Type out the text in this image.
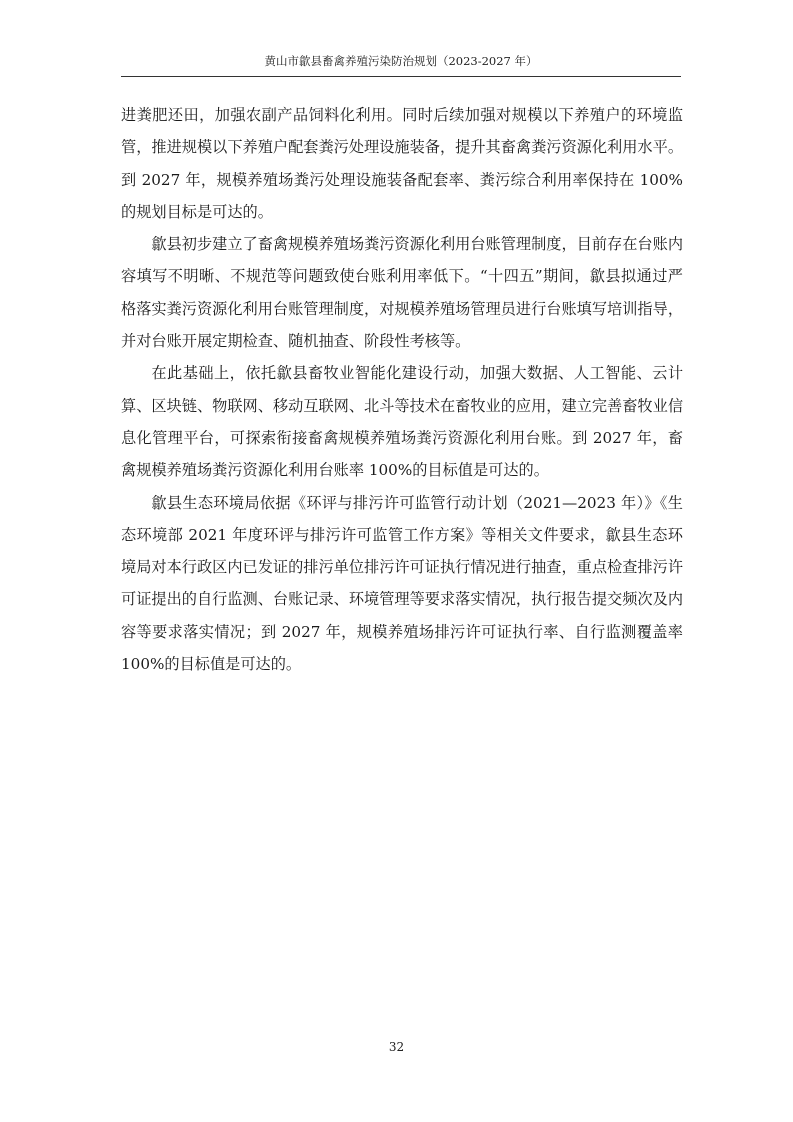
黄山市歙县畜禽养殖污染防治规划（2023-2027 年）

进粪肥还田，加强农副产品饲料化利用。同时后续加强对规模以下养殖户的环境监管，推进规模以下养殖户配套粪污处理设施装备，提升其畜禽粪污资源化利用水平。到 2027 年，规模养殖场粪污处理设施装备配套率、粪污综合利用率保持在 100%的规划目标是可达的。

歙县初步建立了畜禽规模养殖场粪污资源化利用台账管理制度，目前存在台账内容填写不明晰、不规范等问题致使台账利用率低下。“十四五”期间，歙县拟通过严格落实粪污资源化利用台账管理制度，对规模养殖场管理员进行台账填写培训指导，并对台账开展定期检查、随机抽查、阶段性考核等。

在此基础上，依托歙县畜牧业智能化建设行动，加强大数据、人工智能、云计算、区块链、物联网、移动互联网、北斗等技术在畜牧业的应用，建立完善畜牧业信息化管理平台，可探索衔接畜禽规模养殖场粪污资源化利用台账。到 2027 年，畜禽规模养殖场粪污资源化利用台账率 100%的目标值是可达的。

歙县生态环境局依据《环评与排污许可监管行动计划（2021—2023 年）》《生态环境部 2021 年度环评与排污许可监管工作方案》等相关文件要求，歙县生态环境局对本行政区内已发证的排污单位排污许可证执行情况进行抽查，重点检查排污许可证提出的自行监测、台账记录、环境管理等要求落实情况，执行报告提交频次及内容等要求落实情况；到 2027 年，规模养殖场排污许可证执行率、自行监测覆盖率 100%的目标值是可达的。

32
